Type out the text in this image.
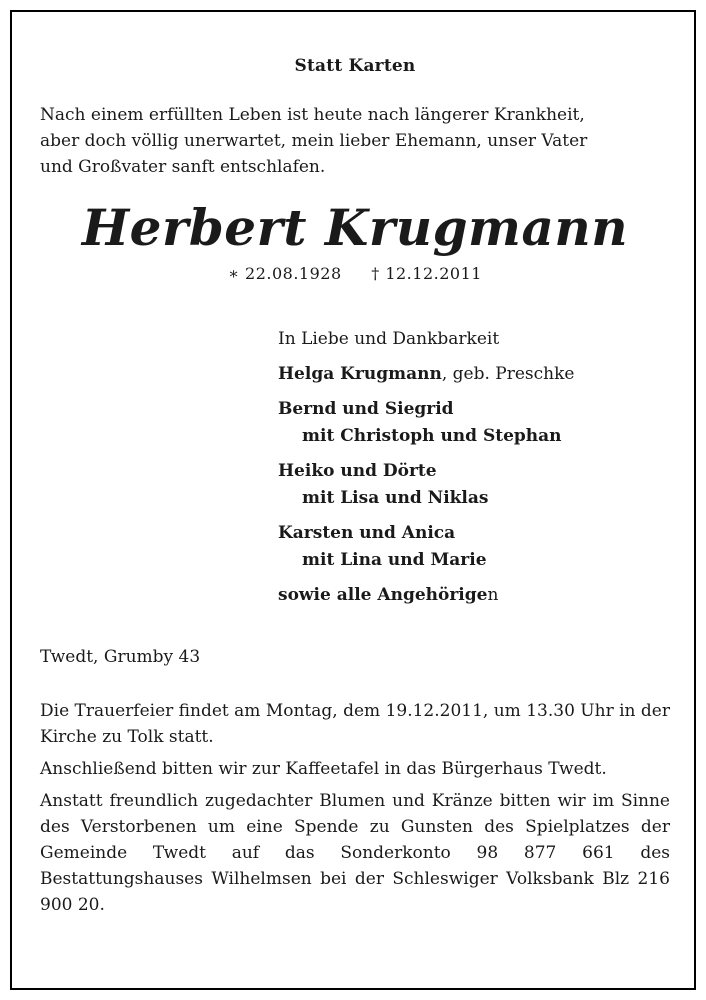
Statt Karten
Nach einem erfüllten Leben ist heute nach längerer Krankheit,
aber doch völlig unerwartet, mein lieber Ehemann, unser Vater
und Großvater sanft entschlafen.
Herbert Krugmann
∗ 22.08.1928 † 12.12.2011
In Liebe und Dankbarkeit
Helga Krugmann, geb. Preschke
Bernd und Siegrid
mit Christoph und Stephan
Heiko und Dörte
mit Lisa und Niklas
Karsten und Anica
mit Lina und Marie
sowie alle Angehörigen
Twedt, Grumby 43

Die Trauerfeier findet am Montag, dem 19.12.2011, um 13.30 Uhr in der Kirche zu Tolk statt.

Anschließend bitten wir zur Kaffeetafel in das Bürgerhaus Twedt.

Anstatt freundlich zugedachter Blumen und Kränze bitten wir im Sinne des Verstorbenen um eine Spende zu Gunsten des Spielplatzes der Gemeinde Twedt auf das Sonderkonto 98 877 661 des Bestattungshauses Wilhelmsen bei der Schleswiger Volksbank Blz 216 900 20.
